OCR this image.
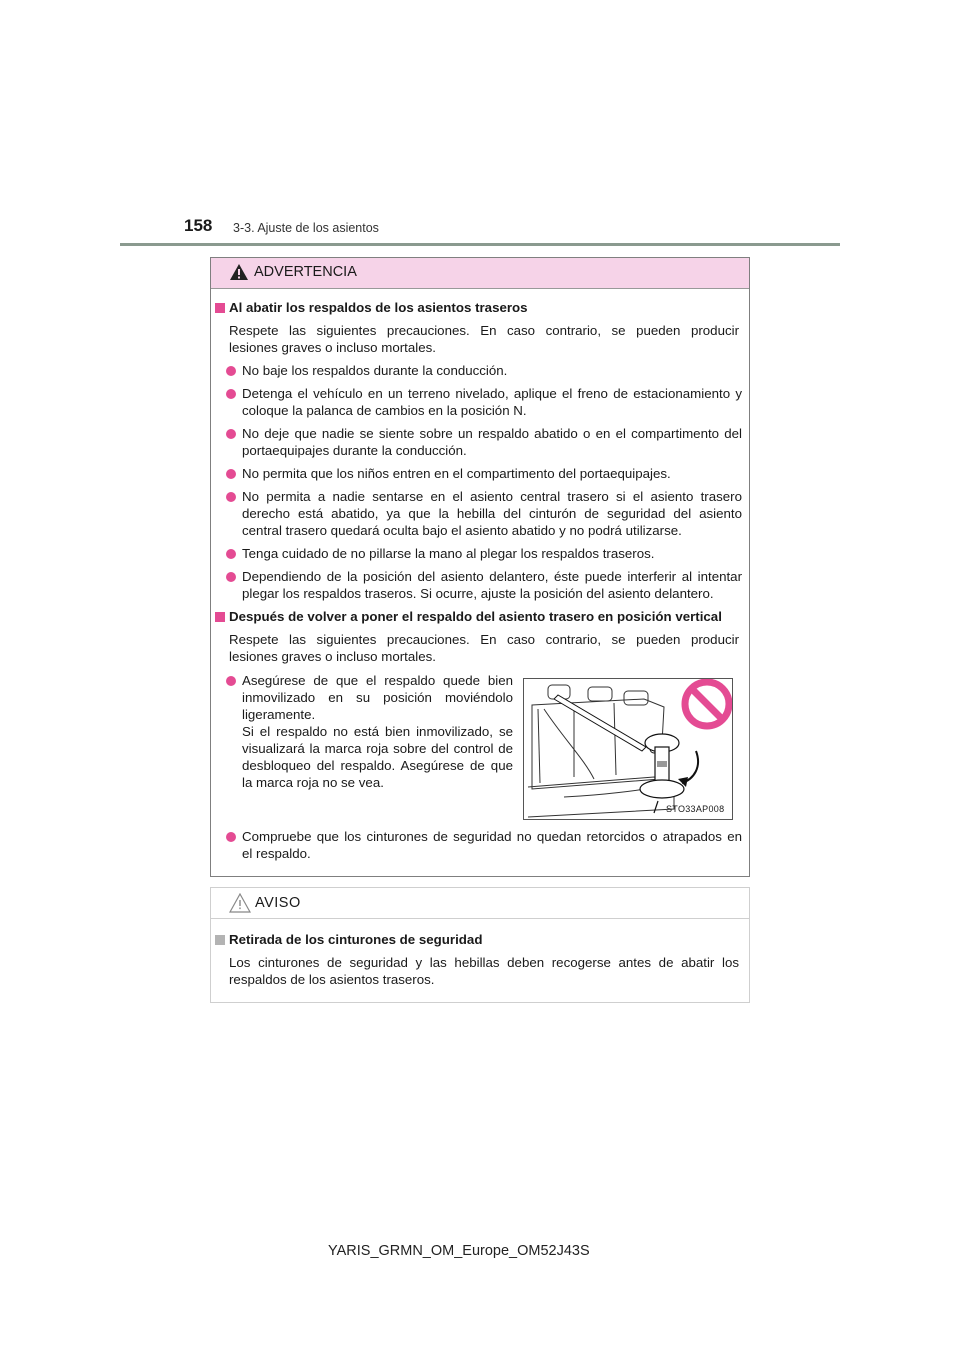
158 3-3. Ajuste de los asientos
ADVERTENCIA
Al abatir los respaldos de los asientos traseros
Respete las siguientes precauciones. En caso contrario, se pueden producir
lesiones graves o incluso mortales.
No baje los respaldos durante la conducción.
Detenga el vehículo en un terreno nivelado, aplique el freno de estacionamiento y
coloque la palanca de cambios en la posición N.
No deje que nadie se siente sobre un respaldo abatido o en el compartimento del
portaequipajes durante la conducción.
No permita que los niños entren en el compartimento del portaequipajes.
No permita a nadie sentarse en el asiento central trasero si el asiento trasero
derecho está abatido, ya que la hebilla del cinturón de seguridad del asiento
central trasero quedará oculta bajo el asiento abatido y no podrá utilizarse.
Tenga cuidado de no pillarse la mano al plegar los respaldos traseros.
Dependiendo de la posición del asiento delantero, éste puede interferir al intentar
plegar los respaldos traseros. Si ocurre, ajuste la posición del asiento delantero.
Después de volver a poner el respaldo del asiento trasero en posición vertical
Respete las siguientes precauciones. En caso contrario, se pueden producir
lesiones graves o incluso mortales.
Asegúrese de que el respaldo quede bien
inmovilizado en su posición moviéndolo
ligeramente.
Si el respaldo no está bien inmovilizado, se
visualizará la marca roja sobre del control de
desbloqueo del respaldo. Asegúrese de que
la marca roja no se vea.
STO33AP008
Compruebe que los cinturones de seguridad no quedan retorcidos o atrapados en
el respaldo.
AVISO
Retirada de los cinturones de seguridad
Los cinturones de seguridad y las hebillas deben recogerse antes de abatir los
respaldos de los asientos traseros.
YARIS_GRMN_OM_Europe_OM52J43S
